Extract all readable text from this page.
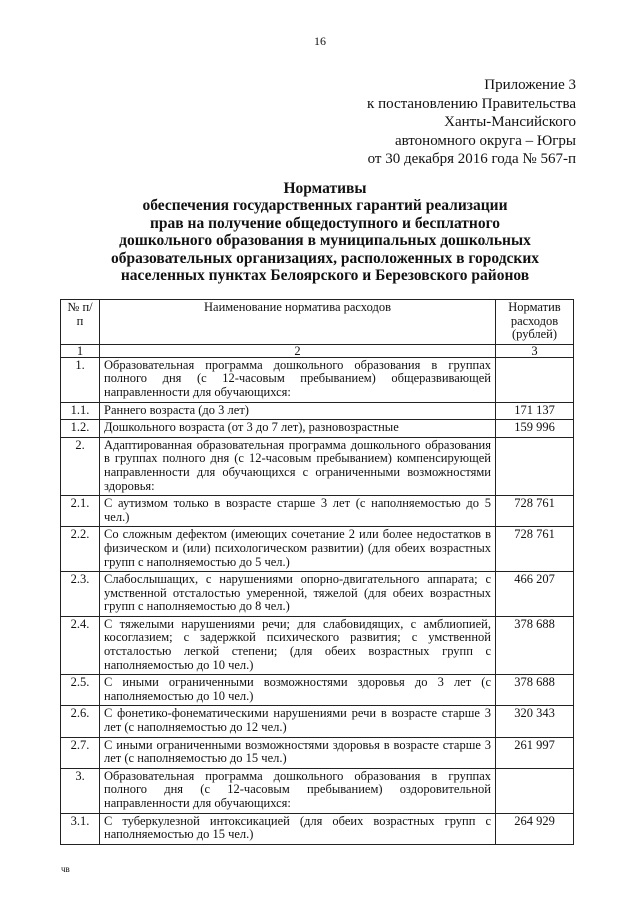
16
Приложение 3
к постановлению Правительства
Ханты-Мансийского
автономного округа – Югры
от 30 декабря 2016 года № 567-п
Нормативы
обеспечения государственных гарантий реализации
прав на получение общедоступного и бесплатного
дошкольного образования в муниципальных дошкольных
образовательных организациях, расположенных в городских
населенных пунктах Белоярского и Березовского районов
№ п/п	Наименование норматива расходов	Норматив расходов (рублей)
1	2	3
1.	Образовательная программа дошкольного образования в группах полного дня (с 12-часовым пребыванием) общеразвивающей направленности для обучающихся:	
1.1.	Раннего возраста (до 3 лет)	171 137
1.2.	Дошкольного возраста (от 3 до 7 лет), разновозрастные	159 996
2.	Адаптированная образовательная программа дошкольного образования в группах полного дня (с 12-часовым пребыванием) компенсирующей направленности для обучающихся с ограниченными возможностями здоровья:	
2.1.	С аутизмом только в возрасте старше 3 лет (с наполняемостью до 5 чел.)	728 761
2.2.	Со сложным дефектом (имеющих сочетание 2 или более недостатков в физическом и (или) психологическом развитии) (для обеих возрастных групп с наполняемостью до 5 чел.)	728 761
2.3.	Слабослышащих, с нарушениями опорно-двигательного аппарата; с умственной отсталостью умеренной, тяжелой (для обеих возрастных групп с наполняемостью до 8 чел.)	466 207
2.4.	С тяжелыми нарушениями речи; для слабовидящих, с амблиопией, косоглазием; с задержкой психического развития; с умственной отсталостью легкой степени; (для обеих возрастных групп с наполняемостью до 10 чел.)	378 688
2.5.	С иными ограниченными возможностями здоровья до 3 лет (с наполняемостью до 10 чел.)	378 688
2.6.	С фонетико-фонематическими нарушениями речи в возрасте старше 3 лет (с наполняемостью до 12 чел.)	320 343
2.7.	С иными ограниченными возможностями здоровья в возрасте старше 3 лет (с наполняемостью до 15 чел.)	261 997
3.	Образовательная программа дошкольного образования в группах полного дня (с 12-часовым пребыванием) оздоровительной направленности для обучающихся:	
3.1.	С туберкулезной интоксикацией (для обеих возрастных групп с наполняемостью до 15 чел.)	264 929
чв
